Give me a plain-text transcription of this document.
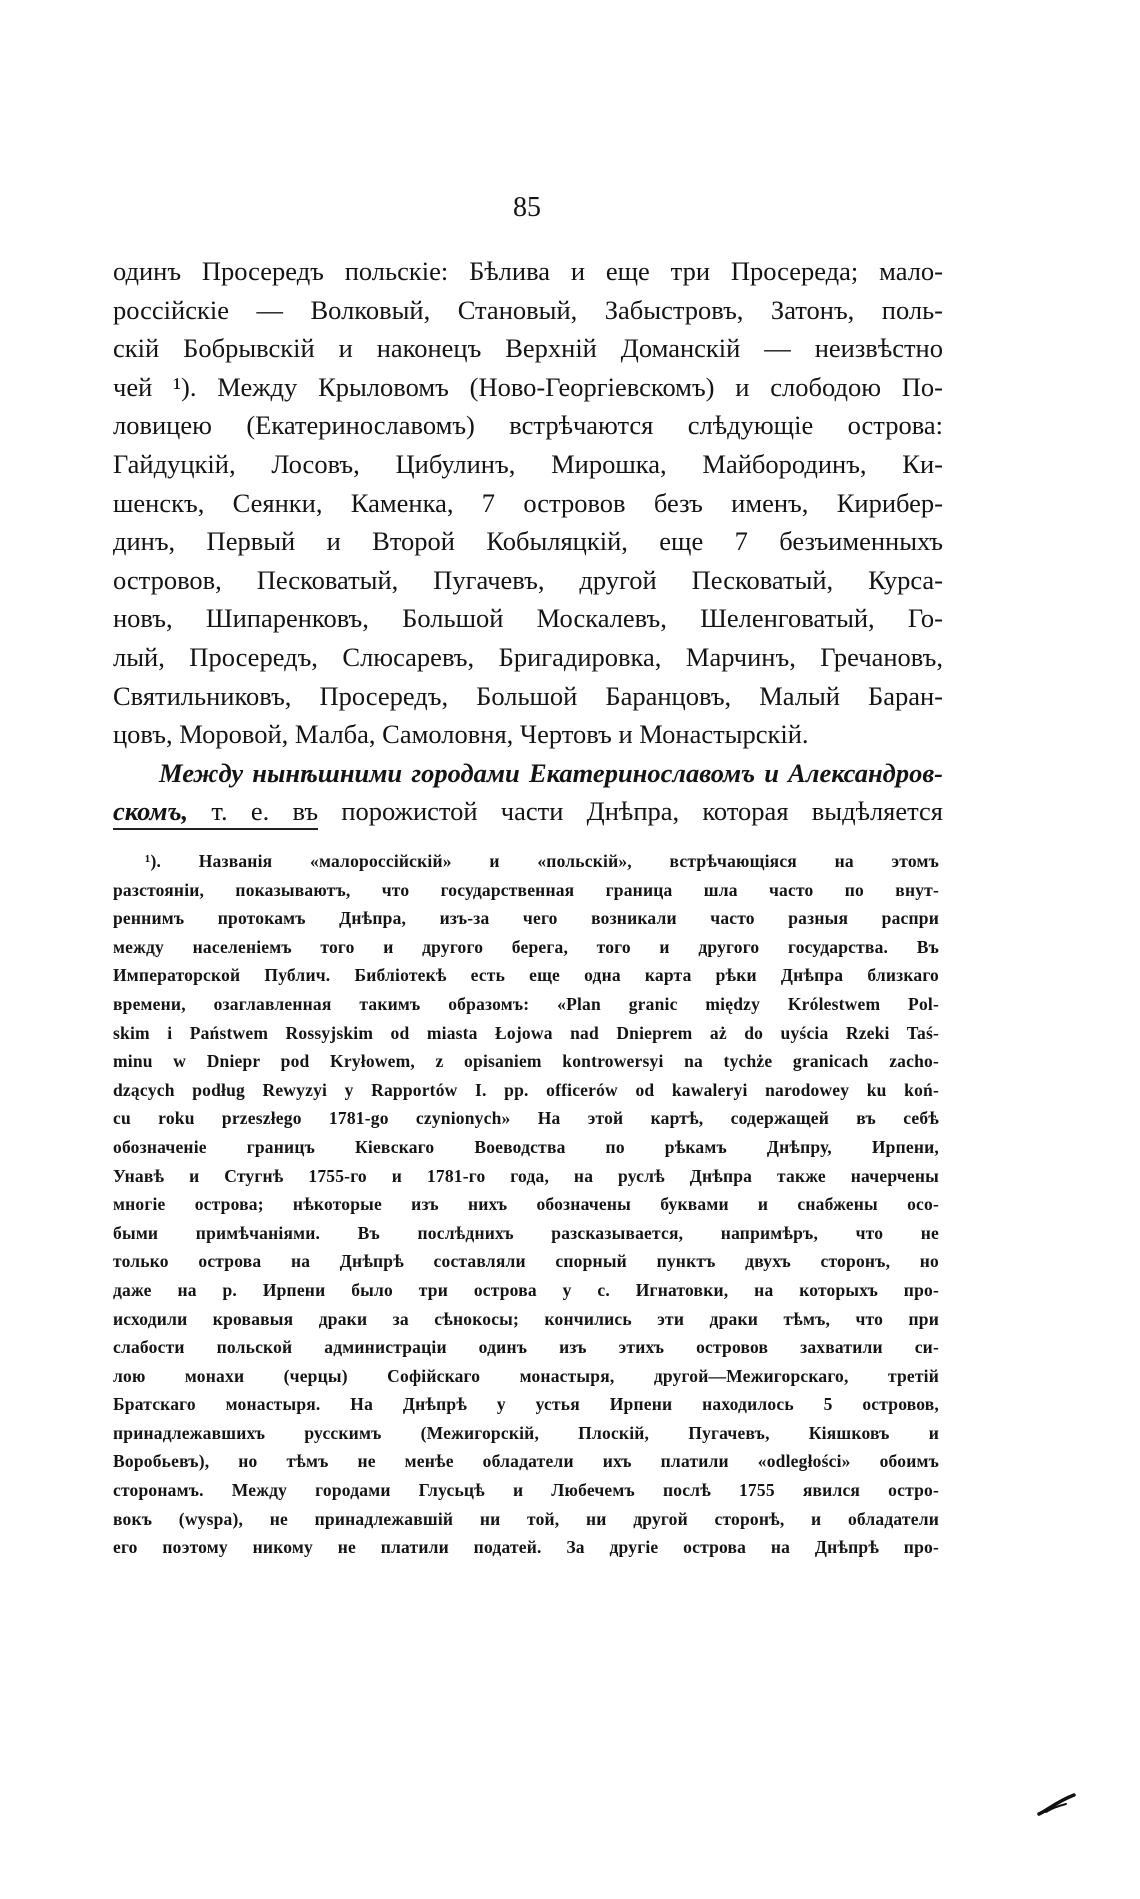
85
одинъ Просередъ польскіе: Бѣлива и еще три Просереда; мало-
россійскіе — Волковый, Становый, Забыстровъ, Затонъ, поль-
скій Бобрывскій и наконецъ Верхній Доманскій — неизвѣстно
чей ¹). Между Крыловомъ (Ново-Георгіевскомъ) и слободою По-
ловицею (Екатеринославомъ) встрѣчаются слѣдующіе острова:
Гайдуцкій, Лосовъ, Цибулинъ, Мирошка, Майбородинъ, Ки-
шенскъ, Сеянки, Каменка, 7 островов безъ именъ, Кирибер-
динъ, Первый и Второй Кобыляцкій, еще 7 безъименныхъ
островов, Песковатый, Пугачевъ, другой Песковатый, Курса-
новъ, Шипаренковъ, Большой Москалевъ, Шеленговатый, Го-
лый, Просередъ, Слюсаревъ, Бригадировка, Марчинъ, Гречановъ,
Святильниковъ, Просередъ, Большой Баранцовъ, Малый Баран-
цовъ, Моровой, Малба, Самоловня, Чертовъ и Монастырскій.
Между нынѣшними городами Екатеринославомъ и Александров-
скомъ, т. е. въ порожистой части Днѣпра, которая выдѣляется
¹). Названія «малороссійскій» и «польскій», встрѣчающіяся на этомъ
разстояніи, показываютъ, что государственная граница шла часто по внут-
реннимъ протокамъ Днѣпра, изъ-за чего возникали часто разныя распри
между населеніемъ того и другого берега, того и другого государства. Въ
Императорской Публич. Библіотекѣ есть еще одна карта рѣки Днѣпра близкаго
времени, озаглавленная такимъ образомъ: «Plan granic między Królestwem Pol-
skim i Państwem Rossyjskim od miasta Łojowa nad Dnieprem aż do uyścia Rzeki Taś-
minu w Dniepr pod Kryłowem, z opisaniem kontrowersyi na tychże granicach zacho-
dzących podług Rewyzyi y Rapportów I. pp. officerów od kawaleryi narodowey ku koń-
cu roku przeszłego 1781-go czynionych» На этой картѣ, содержащей въ себѣ
обозначеніе границъ Кіевскаго Воеводства по рѣкамъ Днѣпру, Ирпени,
Унавѣ и Стугнѣ 1755-го и 1781-го года, на руслѣ Днѣпра также начерчены
многіе острова; нѣкоторые изъ нихъ обозначены буквами и снабжены осо-
быми примѣчаніями. Въ послѣднихъ разсказывается, напримѣръ, что не
только острова на Днѣпрѣ составляли спорный пунктъ двухъ сторонъ, но
даже на р. Ирпени было три острова у с. Игнатовки, на которыхъ про-
исходили кровавыя драки за сѣнокосы; кончились эти драки тѣмъ, что при
слабости польской администраціи одинъ изъ этихъ островов захватили си-
лою монахи (черцы) Софійскаго монастыря, другой—Межигорскаго, третій
Братскаго монастыря. На Днѣпрѣ у устья Ирпени находилось 5 островов,
принадлежавшихъ русскимъ (Межигорскій, Плоскій, Пугачевъ, Кіяшковъ и
Воробьевъ), но тѣмъ не менѣе обладатели ихъ платили «odległości» обоимъ
сторонамъ. Между городами Глусьцѣ и Любечемъ послѣ 1755 явился остро-
вокъ (wyspa), не принадлежавшій ни той, ни другой сторонѣ, и обладатели
его поэтому никому не платили податей. За другіе острова на Днѣпрѣ про-
